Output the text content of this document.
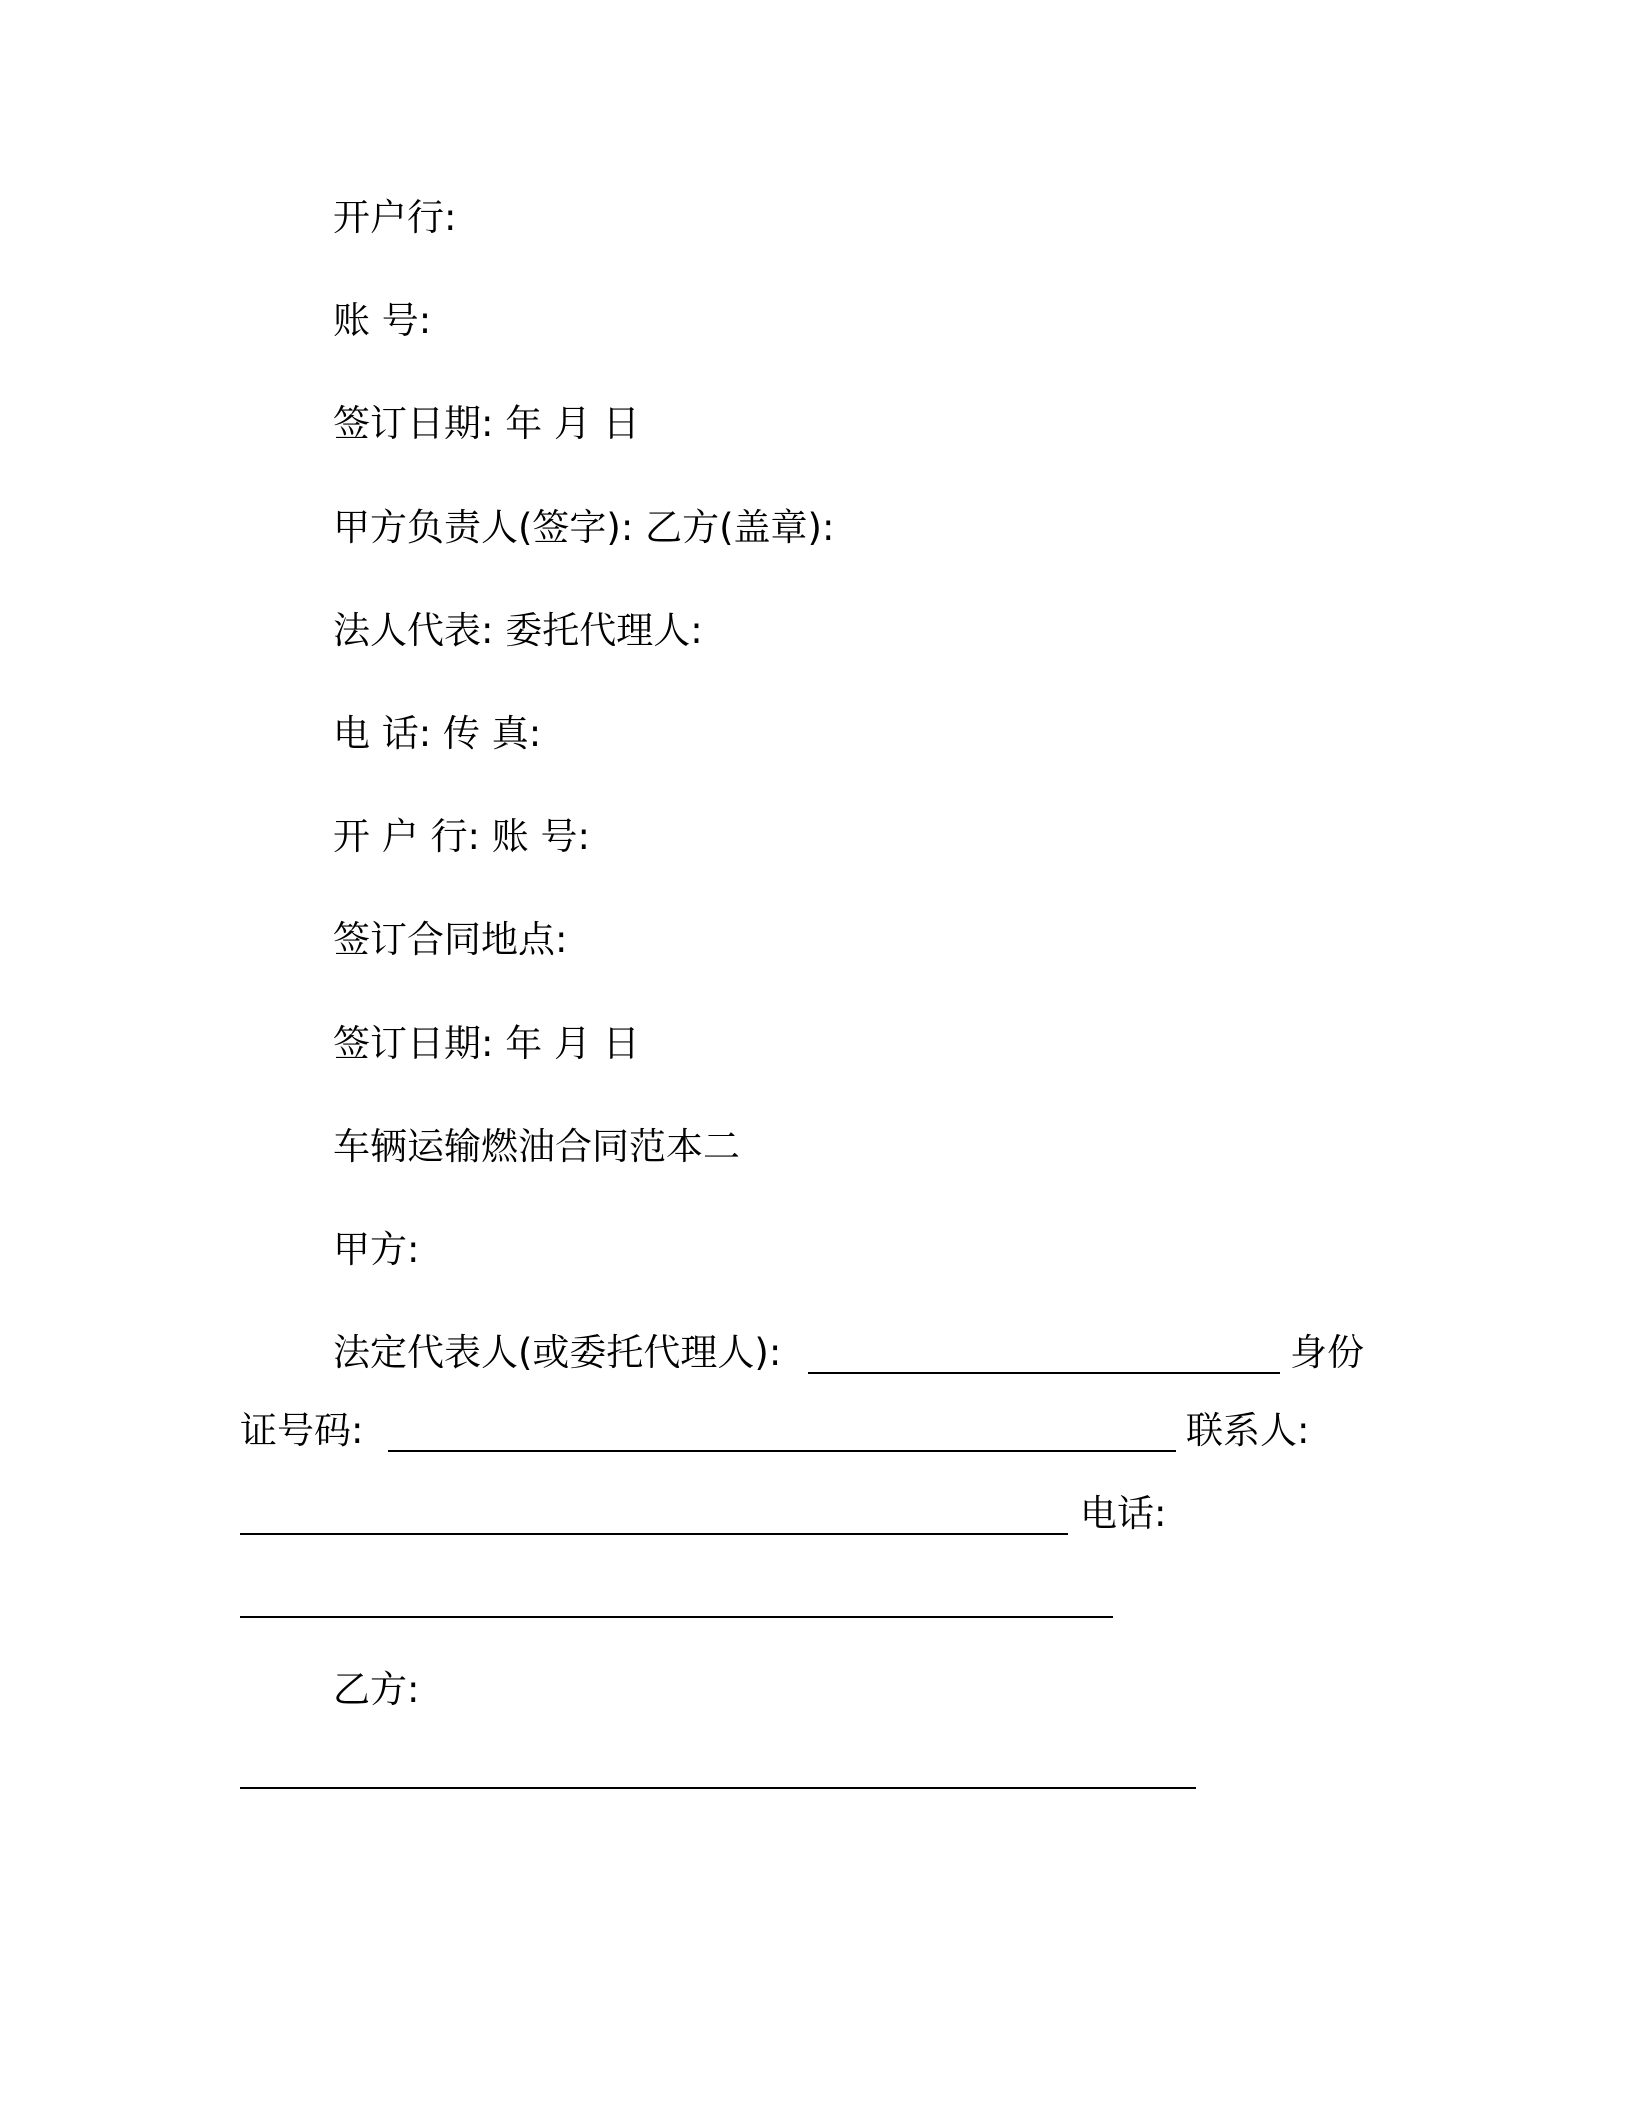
开户行:
账 号:
签订日期: 年 月 日
甲方负责人(签字): 乙方(盖章):
法人代表: 委托代理人:
电 话: 传 真:
开 户 行: 账 号:
签订合同地点:
签订日期: 年 月 日
车辆运输燃油合同范本二
甲方:
法定代表人(或委托代理人):	身份
证号码:	联系人:
电话:
乙方:
